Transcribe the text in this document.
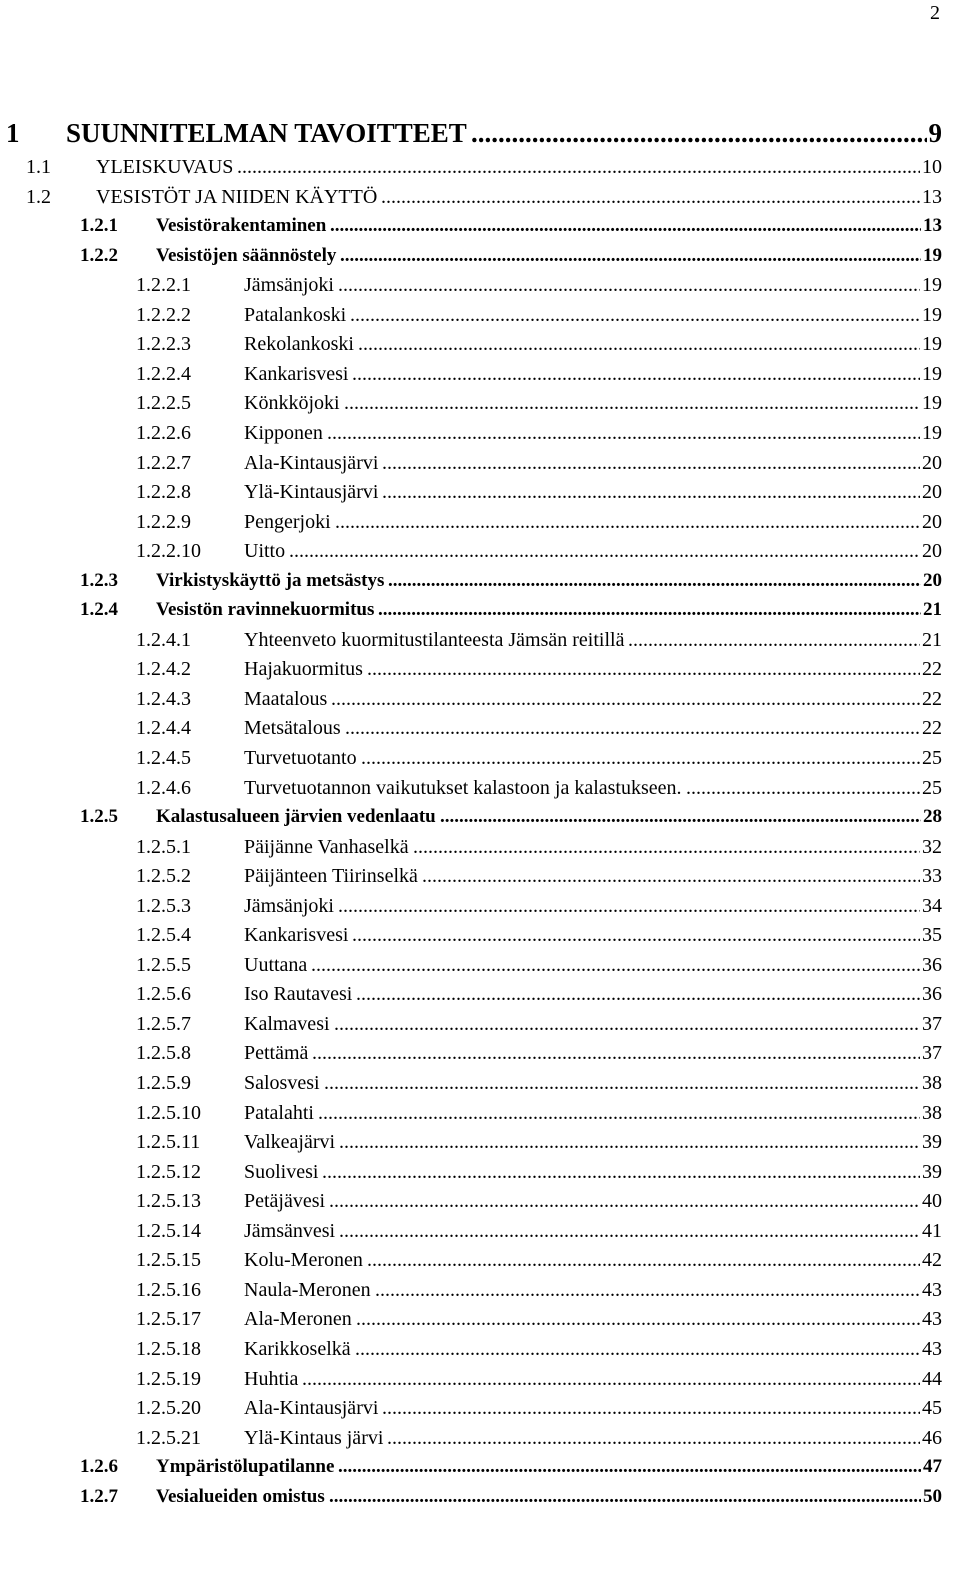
2
1 SUUNNITELMAN TAVOITTEET .....	9
1.1 YLEISKUVAUS .....	10
1.2 VESISTÖT JA NIIDEN KÄYTTÖ .....	13
1.2.1 Vesistörakentaminen .....	13
1.2.2 Vesistöjen säännöstely .....	19
1.2.2.1	Jämsänjoki .....	19
1.2.2.2	Patalankoski .....	19
1.2.2.3	Rekolankoski .....	19
1.2.2.4	Kankarisvesi .....	19
1.2.2.5	Könkköjoki .....	19
1.2.2.6	Kipponen .....	19
1.2.2.7	Ala-Kintausjärvi .....	20
1.2.2.8	Ylä-Kintausjärvi .....	20
1.2.2.9	Pengerjoki .....	20
1.2.2.10 Uitto .....	20
1.2.3 Virkistyskäyttö ja metsästys .....	20
1.2.4 Vesistön ravinnekuormitus .....	21
1.2.4.1	Yhteenveto kuormitustilanteesta Jämsän reitillä .....	21
1.2.4.2	Hajakuormitus .....	22
1.2.4.3	Maatalous .....	22
1.2.4.4	Metsätalous .....	22
1.2.4.5	Turvetuotanto .....	25
1.2.4.6	Turvetuotannon vaikutukset kalastoon ja kalastukseen. .....	25
1.2.5 Kalastusalueen järvien vedenlaatu .....	28
1.2.5.1	Päijänne Vanhaselkä .....	32
1.2.5.2	Päijänteen Tiirinselkä .....	33
1.2.5.3	Jämsänjoki .....	34
1.2.5.4	Kankarisvesi .....	35
1.2.5.5	Uuttana .....	36
1.2.5.6	Iso Rautavesi .....	36
1.2.5.7	Kalmavesi .....	37
1.2.5.8	Pettämä .....	37
1.2.5.9	Salosvesi .....	38
1.2.5.10 Patalahti .....	38
1.2.5.11 Valkeajärvi .....	39
1.2.5.12 Suolivesi .....	39
1.2.5.13 Petäjävesi .....	40
1.2.5.14 Jämsänvesi .....	41
1.2.5.15 Kolu-Meronen .....	42
1.2.5.16 Naula-Meronen .....	43
1.2.5.17 Ala-Meronen .....	43
1.2.5.18 Karikkoselkä .....	43
1.2.5.19 Huhtia .....	44
1.2.5.20 Ala-Kintausjärvi .....	45
1.2.5.21 Ylä-Kintaus järvi .....	46
1.2.6 Ympäristölupatilanne .....	47
1.2.7 Vesialueiden omistus .....	50
